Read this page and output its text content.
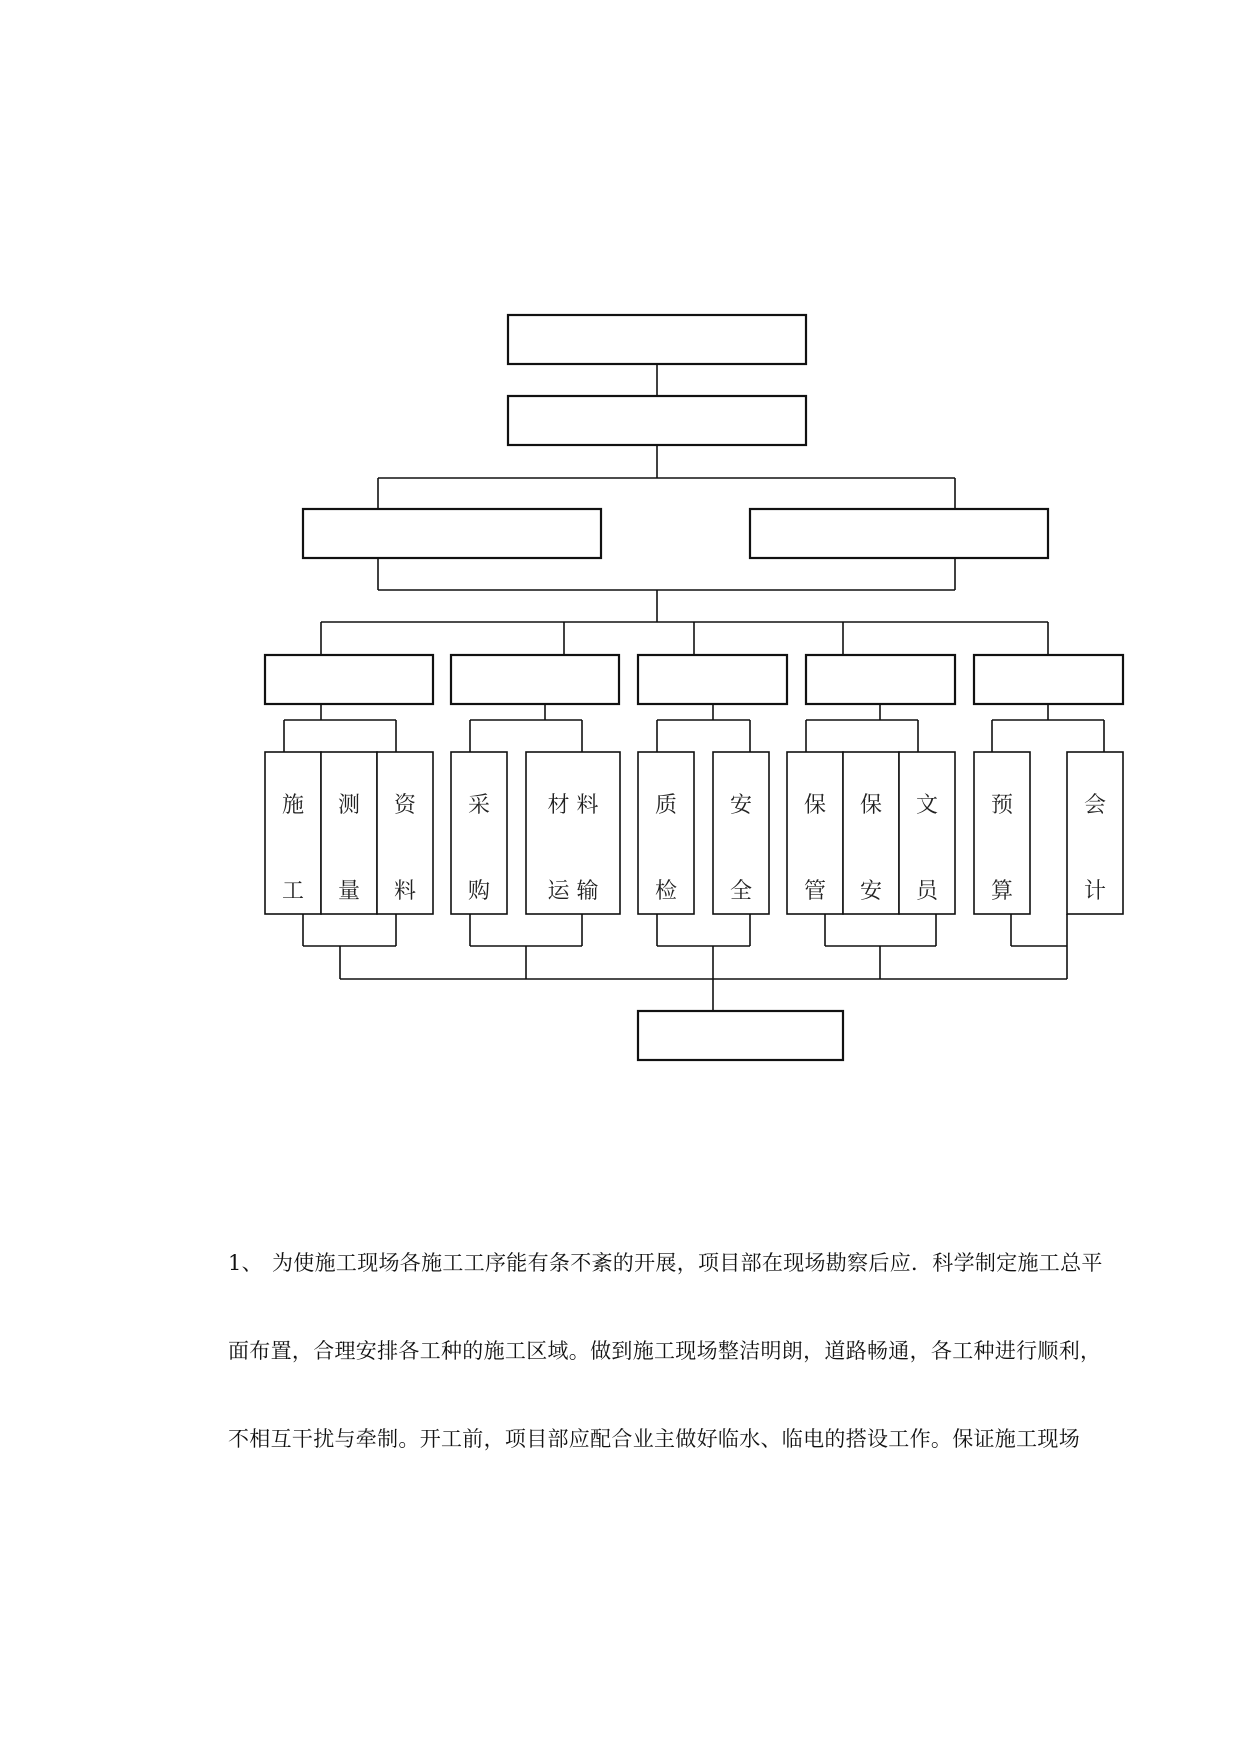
施
工
测
量
资
料
采
购
材 料
运 输
质
检
安
全
保
管
保
安
文
员
预
算
会
计
1、 为使施工现场各施工工序能有条不紊的开展，项目部在现场勘察后应．科学制定施工总平
面布置，合理安排各工种的施工区域。做到施工现场整洁明朗，道路畅通，各工种进行顺利，
不相互干扰与牵制。开工前，项目部应配合业主做好临水、临电的搭设工作。保证施工现场
